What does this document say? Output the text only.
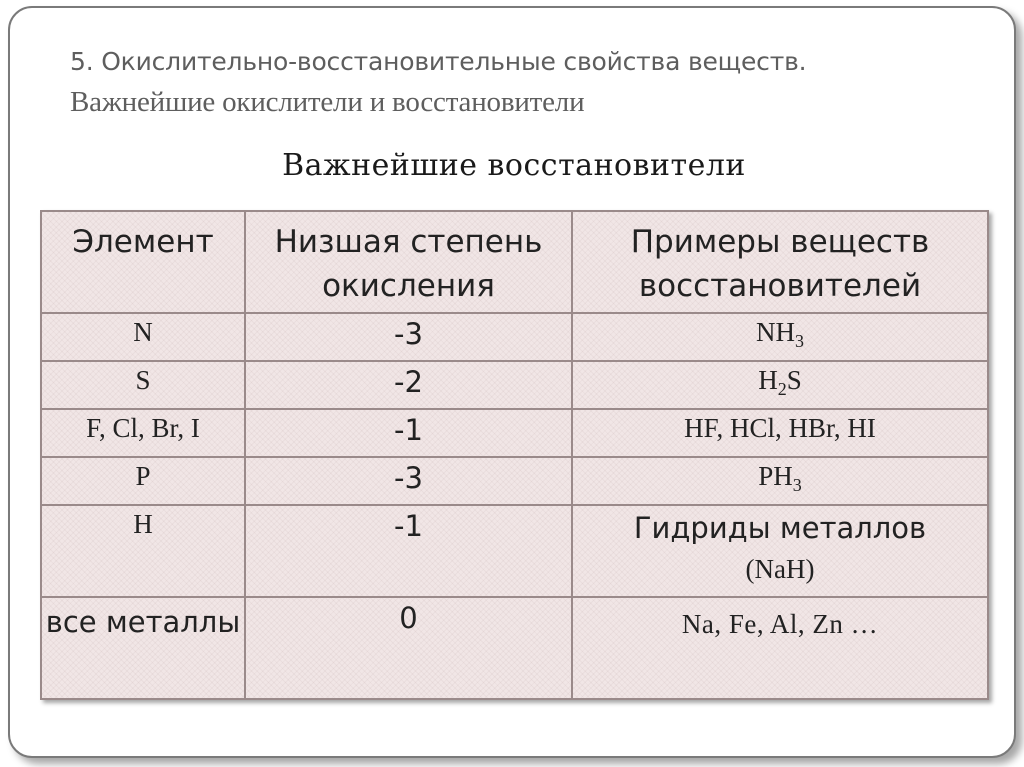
5. Окислительно-восстановительные свойства веществ.
Важнейшие окислители и восстановители
Важнейшие восстановители
Элемент	Низшая степень окисления	Примеры веществ восстановителей
N	-3	$NH_3$
S	-2	$H_2S$
F, Cl, Br, I	-1	HF, HCl, HBr, HI
P	-3	$PH_3$
H	-1	Гидриды металлов
(NaH)

все металлы	0	Na, Fe, Al, Zn …
